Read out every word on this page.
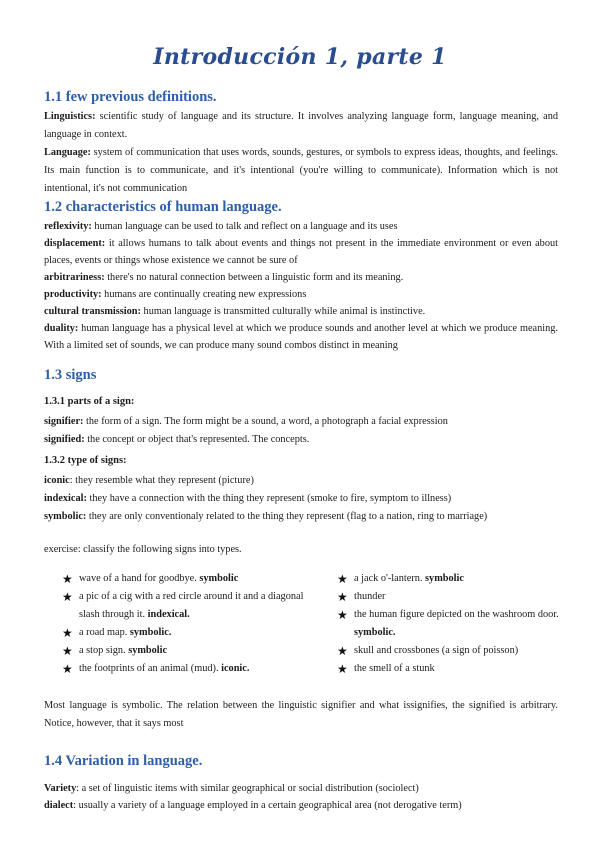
Introducción 1, parte 1
1.1 few previous definitions.

Linguistics: scientific study of language and its structure. It involves analyzing language form, language meaning, and language in context.

Language: system of communication that uses words, sounds, gestures, or symbols to express ideas, thoughts, and feelings. Its main function is to communicate, and it's intentional (you're willing to communicate). Information which is not intentional, it's not communication

1.2 characteristics of human language.

reflexivity: human language can be used to talk and reflect on a language and its uses

displacement: it allows humans to talk about events and things not present in the immediate environment or even about places, events or things whose existence we cannot be sure of

arbitrariness: there's no natural connection between a linguistic form and its meaning.

productivity: humans are continually creating new expressions

cultural transmission: human language is transmitted culturally while animal is instinctive.

duality: human language has a physical level at which we produce sounds and another level at which we produce meaning. With a limited set of sounds, we can produce many sound combos distinct in meaning

1.3 signs
1.3.1 parts of a sign:

signifier: the form of a sign. The form might be a sound, a word, a photograph a facial expression

signified: the concept or object that's represented. The concepts.

1.3.2 type of signs:

iconic: they resemble what they represent (picture)

indexical: they have a connection with the thing they represent (smoke to fire, symptom to illness)

symbolic: they are only conventionaly related to the thing they represent (flag to a nation, ring to marriage)

exercise: classify the following signs into types.

★ wave of a hand for goodbye. symbolic
★ a pic of a cig with a red circle around it and a diagonal slash through it. indexical.
★ a road map. symbolic.
★ a stop sign. symbolic
★ the footprints of an animal (mud). iconic.
★ a jack o'-lantern. symbolic
★ thunder
★ the human figure depicted on the washroom door. symbolic.
★ skull and crossbones (a sign of poisson)
★ the smell of a stunk

Most language is symbolic. The relation between the linguistic signifier and what issignifies, the signified is arbitrary. Notice, however, that it says most

1.4 Variation in language.

Variety: a set of linguistic items with similar geographical or social distribution (sociolect)

dialect: usually a variety of a language employed in a certain geographical area (not derogative term)
